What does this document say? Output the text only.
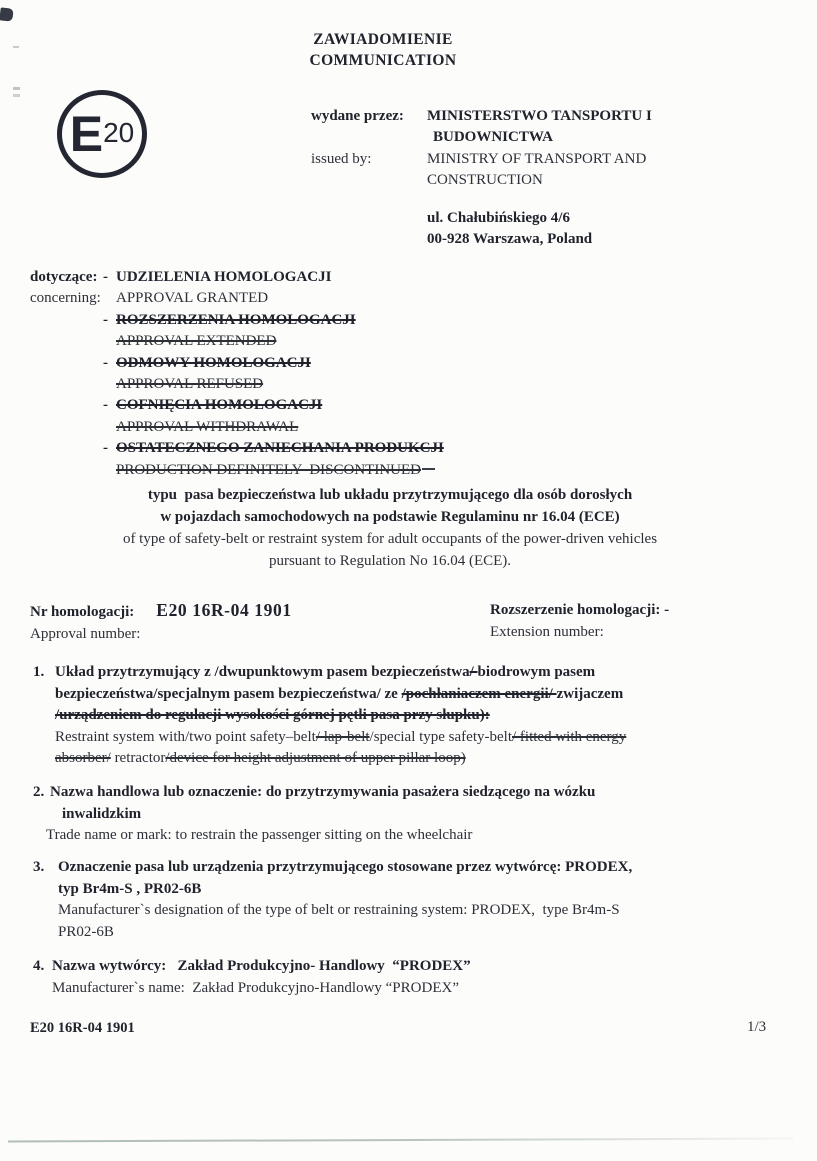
ZAWIADOMIENIE
COMMUNICATION
E 20
wydane przez: MINISTERSTWO TANSPORTU I
BUDOWNICTWA
issued by:	MINISTRY OF TRANSPORT AND
CONSTRUCTION
ul. Chałubińskiego 4/6
00-928 Warszawa, Poland
dotyczące:
concerning:
- UDZIELENIA HOMOLOGACJI
APPROVAL GRANTED
- ROZSZERZENIA HOMOLOGACJI
APPROVAL EXTENDED
- ODMOWY HOMOLOGACJI
APPROVAL REFUSED
- COFNIĘCIA HOMOLOGACJI
APPROVAL WITHDRAWAL
- OSTATECZNEGO ZANIECHANIA PRODUKCJI
PRODUCTION DEFINITELY  DISCONTINUED
typu  pasa bezpieczeństwa lub układu przytrzymującego dla osób dorosłych
w pojazdach samochodowych na podstawie Regulaminu nr 16.04 (ECE)
of type of safety-belt or restraint system for adult occupants of the power-driven vehicles
pursuant to Regulation No 16.04 (ECE).
Nr homologacji: E20 16R-04 1901
Approval number:
Rozszerzenie homologacji: -
Extension number:
1. Układ przytrzymujący z /dwupunktowym pasem bezpieczeństwa/ biodrowym pasem
bezpieczeństwa/specjalnym pasem bezpieczeństwa/ ze /pochłaniaczem energii/ zwijaczem
/urządzeniem do regulacji wysokości górnej pętli pasa przy słupku):
Restraint system with/two point safety–belt/ lap-belt/special type safety-belt/ fitted with energy
absorber/ retractor/device for height adjustment of upper pillar loop)
2. Nazwa handlowa lub oznaczenie: do przytrzymywania pasażera siedzącego na wózku
inwalidzkim
Trade name or mark: to restrain the passenger sitting on the wheelchair
3. Oznaczenie pasa lub urządzenia przytrzymującego stosowane przez wytwórcę: PRODEX,
typ Br4m-S , PR02-6B
Manufacturer`s designation of the type of belt or restraining system: PRODEX,  type Br4m-S
PR02-6B
4. Nazwa wytwórcy:   Zakład Produkcyjno- Handlowy  “PRODEX”
Manufacturer`s name:  Zakład Produkcyjno-Handlowy “PRODEX”
E20 16R-04 1901	1/3
